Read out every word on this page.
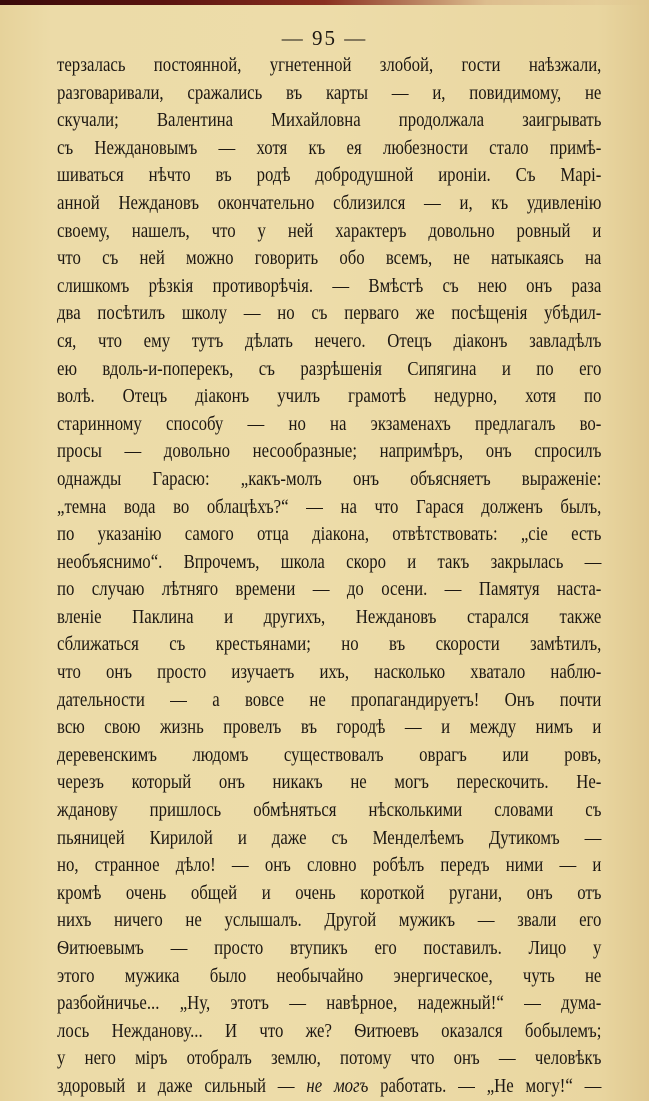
— 95 —
терзалась постоянной, угнетенной злобой, гости наѣзжали,
разговаривали, сражались въ карты — и, повидимому, не
скучали; Валентина Михайловна продолжала заигрывать
съ Неждановымъ — хотя къ ея любезности стало примѣ-
шиваться нѣчто въ родѣ добродушной ироніи. Съ Марі-
анной Неждановъ окончательно сблизился — и, къ удивленію
своему, нашелъ, что у ней характеръ довольно ровный и
что съ ней можно говорить обо всемъ, не натыкаясь на
слишкомъ рѣзкія противорѣчія. — Вмѣстѣ съ нею онъ раза
два посѣтилъ школу — но съ перваго же посѣщенія убѣдил-
ся, что ему тутъ дѣлать нечего. Отецъ діаконъ завладѣлъ
ею вдоль-и-поперекъ, съ разрѣшенія Сипягина и по его
волѣ. Отецъ діаконъ училъ грамотѣ недурно, хотя по
старинному способу — но на экзаменахъ предлагалъ во-
просы — довольно несообразные; напримѣръ, онъ спросилъ
однажды Гарасю: „какъ-молъ онъ объясняетъ выраженіе:
„темна вода во облацѣхъ?“ — на что Гарася долженъ былъ,
по указанію самого отца діакона, отвѣтствовать: „сіе есть
необъяснимо“. Впрочемъ, школа скоро и такъ закрылась —
по случаю лѣтняго времени — до осени. — Памятуя наста-
вленіе Паклина и другихъ, Неждановъ старался также
сближаться съ крестьянами; но въ скорости замѣтилъ,
что онъ просто изучаетъ ихъ, насколько хватало наблю-
дательности — а вовсе не пропагандируетъ! Онъ почти
всю свою жизнь провелъ въ городѣ — и между нимъ и
деревенскимъ людомъ существовалъ оврагъ или ровъ,
черезъ который онъ никакъ не могъ перескочить. Не-
жданову пришлось обмѣняться нѣсколькими словами съ
пьяницей Кирилой и даже съ Менделѣемъ Дутикомъ —
но, странное дѣло! — онъ словно робѣлъ передъ ними — и
кромѣ очень общей и очень короткой ругани, онъ отъ
нихъ ничего не услышалъ. Другой мужикъ — звали его
Ѳитюевымъ — просто втупикъ его поставилъ. Лицо у
этого мужика было необычайно энергическое, чуть не
разбойничье... „Ну, этотъ — навѣрное, надежный!“ — дума-
лось Нежданову... И что же? Ѳитюевъ оказался бобылемъ;
у него міръ отобралъ землю, потому что онъ — человѣкъ
здоровый и даже сильный — не могъ работать. — „Не могу!“ —
